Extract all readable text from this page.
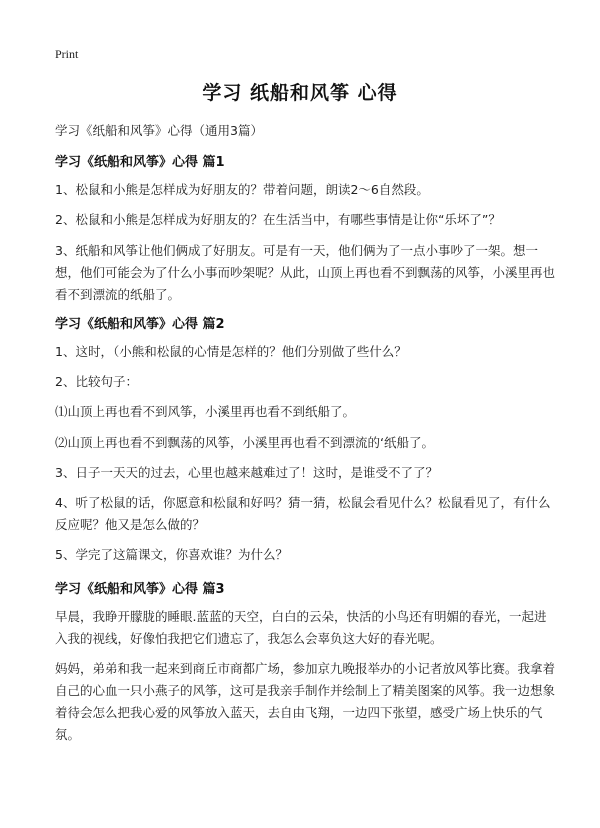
Print
学习 纸船和风筝 心得
学习《纸船和风筝》心得（通用3篇）
学习《纸船和风筝》心得 篇1
1、松鼠和小熊是怎样成为好朋友的？带着问题，朗读2～6自然段。
2、松鼠和小熊是怎样成为好朋友的？在生活当中，有哪些事情是让你“乐坏了”？
3、纸船和风筝让他们俩成了好朋友。可是有一天，他们俩为了一点小事吵了一架。想一想，他们可能会为了什么小事而吵架呢？从此，山顶上再也看不到飘荡的风筝，小溪里再也看不到漂流的纸船了。
学习《纸船和风筝》心得 篇2
1、这时，（小熊和松鼠的心情是怎样的？他们分别做了些什么？
2、比较句子：
⑴山顶上再也看不到风筝，小溪里再也看不到纸船了。
⑵山顶上再也看不到飘荡的风筝，小溪里再也看不到漂流的‘纸船了。
3、日子一天天的过去，心里也越来越难过了！这时，是谁受不了了？
4、听了松鼠的话，你愿意和松鼠和好吗？猜一猜，松鼠会看见什么？松鼠看见了，有什么反应呢？他又是怎么做的？
5、学完了这篇课文，你喜欢谁？为什么？
学习《纸船和风筝》心得 篇3
早晨，我睁开朦胧的睡眼.蓝蓝的天空，白白的云朵，快活的小鸟还有明媚的春光，一起进入我的视线，好像怕我把它们遗忘了，我怎么会辜负这大好的春光呢。
妈妈，弟弟和我一起来到商丘市商都广场，参加京九晚报举办的小记者放风筝比赛。我拿着自己的心血一只小燕子的风筝，这可是我亲手制作并绘制上了精美图案的风筝。我一边想象着待会怎么把我心爱的风筝放入蓝天，去自由飞翔，一边四下张望，感受广场上快乐的气氛。
